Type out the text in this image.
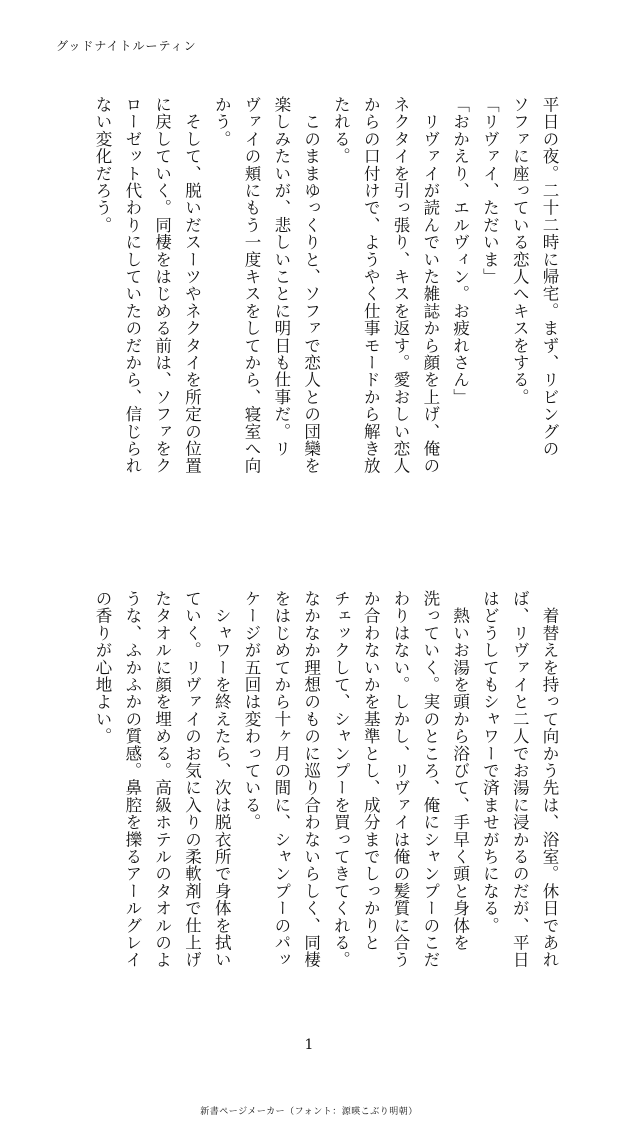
グッドナイトルーティン

平日の夜。二十二時に帰宅。まず、リビングの

ソファに座っている恋人へキスをする。

「リヴァイ、ただいま」

「おかえり、エルヴィン。お疲れさん」

　リヴァイが読んでいた雑誌から顔を上げ、俺の

ネクタイを引っ張り、キスを返す。愛おしい恋人

からの口付けで、ようやく仕事モードから解き放

たれる。

　このままゆっくりと、ソファで恋人との団欒を

楽しみたいが、悲しいことに明日も仕事だ。リ

ヴァイの頬にもう一度キスをしてから、寝室へ向

かう。

　そして、脱いだスーツやネクタイを所定の位置

に戻していく。同棲をはじめる前は、ソファをク

ローゼット代わりにしていたのだから、信じられ

ない変化だろう。

　着替えを持って向かう先は、浴室。休日であれ

ば、リヴァイと二人でお湯に浸かるのだが、平日

はどうしてもシャワーで済ませがちになる。

　熱いお湯を頭から浴びて、手早く頭と身体を

洗っていく。実のところ、俺にシャンプーのこだ

わりはない。しかし、リヴァイは俺の髪質に合う

か合わないかを基準とし、成分までしっかりと

チェックして、シャンプーを買ってきてくれる。

なかなか理想のものに巡り合わないらしく、同棲

をはじめてから十ヶ月の間に、シャンプーのパッ

ケージが五回は変わっている。

　シャワーを終えたら、次は脱衣所で身体を拭い

ていく。リヴァイのお気に入りの柔軟剤で仕上げ

たタオルに顔を埋める。高級ホテルのタオルのよ

うな、ふかふかの質感。鼻腔を擽るアールグレイ

の香りが心地よい。

1
新書ページメーカー（フォント：源暎こぶり明朝）
